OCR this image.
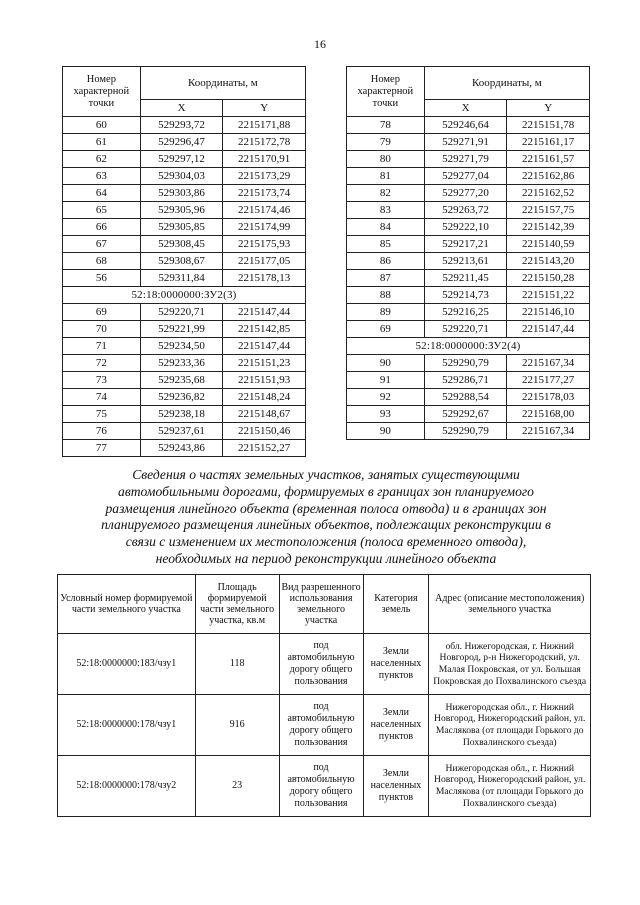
16
Номер характерной точки	Координаты, м	
	X	Y
60	529293,72	2215171,88
61	529296,47	2215172,78
62	529297,12	2215170,91
63	529304,03	2215173,29
64	529303,86	2215173,74
65	529305,96	2215174,46
66	529305,85	2215174,99
67	529308,45	2215175,93
68	529308,67	2215177,05
56	529311,84	2215178,13
52:18:0000000:ЗУ2(3)		
69	529220,71	2215147,44
70	529221,99	2215142,85
71	529234,50	2215147,44
72	529233,36	2215151,23
73	529235,68	2215151,93
74	529236,82	2215148,24
75	529238,18	2215148,67
76	529237,61	2215150,46
77	529243,86	2215152,27
Номер характерной точки	Координаты, м	
	X	Y
78	529246,64	2215151,78
79	529271,91	2215161,17
80	529271,79	2215161,57
81	529277,04	2215162,86
82	529277,20	2215162,52
83	529263,72	2215157,75
84	529222,10	2215142,39
85	529217,21	2215140,59
86	529213,61	2215143,20
87	529211,45	2215150,28
88	529214,73	2215151,22
89	529216,25	2215146,10
69	529220,71	2215147,44
52:18:0000000:ЗУ2(4)		
90	529290,79	2215167,34
91	529286,71	2215177,27
92	529288,54	2215178,03
93	529292,67	2215168,00
90	529290,79	2215167,34
Сведения о частях земельных участков, занятых существующими
автомобильными дорогами, формируемых в границах зон планируемого
размещения линейного объекта (временная полоса отвода) и в границах зон
планируемого размещения линейных объектов, подлежащих реконструкции в
связи с изменением их местоположения (полоса временного отвода),
необходимых на период реконструкции линейного объекта
Условный номер формируемой части земельного участка	Площадь формируемой части земельного участка, кв.м	Вид разрешенного использования земельного участка	Категория земель	Адрес (описание местоположения) земельного участка
52:18:0000000:183/чзу1	118	под автомобильную дорогу общего пользования	Земли населенных пунктов	обл. Нижегородская, г. Нижний Новгород, р-н Нижегородский, ул. Малая Покровская, от ул. Большая Покровская до Похвалинского съезда
52:18:0000000:178/чзу1	916	под автомобильную дорогу общего пользования	Земли населенных пунктов	Нижегородская обл., г. Нижний Новгород, Нижегородский район, ул. Маслякова (от площади Горького до Похвалинского съезда)
52:18:0000000:178/чзу2	23	под автомобильную дорогу общего пользования	Земли населенных пунктов	Нижегородская обл., г. Нижний Новгород, Нижегородский район, ул. Маслякова (от площади Горького до Похвалинского съезда)
